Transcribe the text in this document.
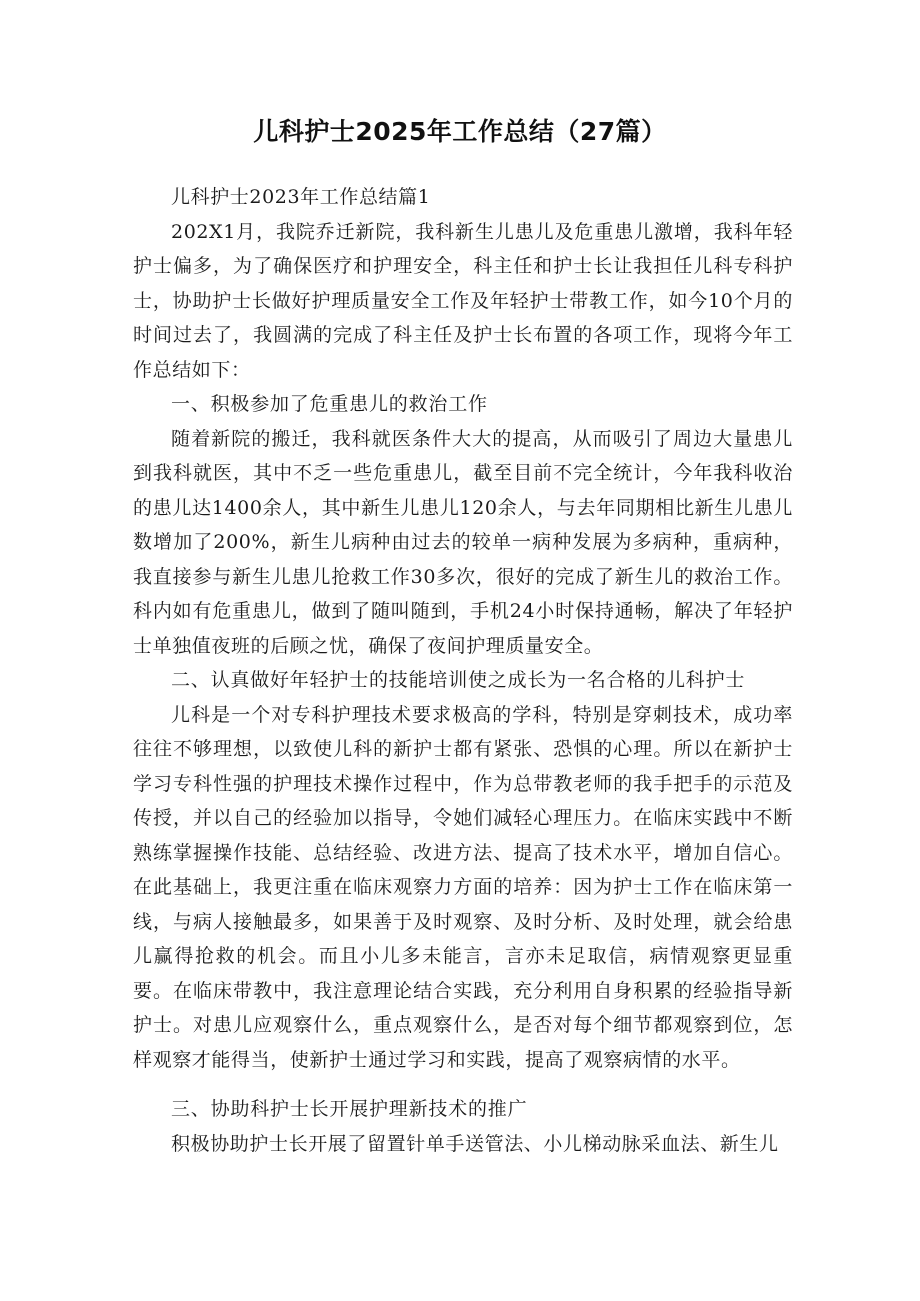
儿科护士2025年工作总结（27篇）

儿科护士2023年工作总结篇1

202X1月，我院乔迁新院，我科新生儿患儿及危重患儿激增，我科年轻护士偏多，为了确保医疗和护理安全，科主任和护士长让我担任儿科专科护士，协助护士长做好护理质量安全工作及年轻护士带教工作，如今10个月的时间过去了，我圆满的完成了科主任及护士长布置的各项工作，现将今年工作总结如下：

一、积极参加了危重患儿的救治工作

随着新院的搬迁，我科就医条件大大的提高，从而吸引了周边大量患儿到我科就医，其中不乏一些危重患儿，截至目前不完全统计，今年我科收治的患儿达1400余人，其中新生儿患儿120余人，与去年同期相比新生儿患儿数增加了200%，新生儿病种由过去的较单一病种发展为多病种，重病种，我直接参与新生儿患儿抢救工作30多次，很好的完成了新生儿的救治工作。科内如有危重患儿，做到了随叫随到，手机24小时保持通畅，解决了年轻护士单独值夜班的后顾之忧，确保了夜间护理质量安全。

二、认真做好年轻护士的技能培训使之成长为一名合格的儿科护士

儿科是一个对专科护理技术要求极高的学科，特别是穿刺技术，成功率往往不够理想，以致使儿科的新护士都有紧张、恐惧的心理。所以在新护士学习专科性强的护理技术操作过程中，作为总带教老师的我手把手的示范及传授，并以自己的经验加以指导，令她们减轻心理压力。在临床实践中不断熟练掌握操作技能、总结经验、改进方法、提高了技术水平，增加自信心。在此基础上，我更注重在临床观察力方面的培养：因为护士工作在临床第一线，与病人接触最多，如果善于及时观察、及时分析、及时处理，就会给患儿赢得抢救的机会。而且小儿多未能言，言亦未足取信，病情观察更显重要。在临床带教中，我注意理论结合实践，充分利用自身积累的经验指导新护士。对患儿应观察什么，重点观察什么，是否对每个细节都观察到位，怎样观察才能得当，使新护士通过学习和实践，提高了观察病情的水平。

三、协助科护士长开展护理新技术的推广

积极协助护士长开展了留置针单手送管法、小儿梯动脉采血法、新生儿
